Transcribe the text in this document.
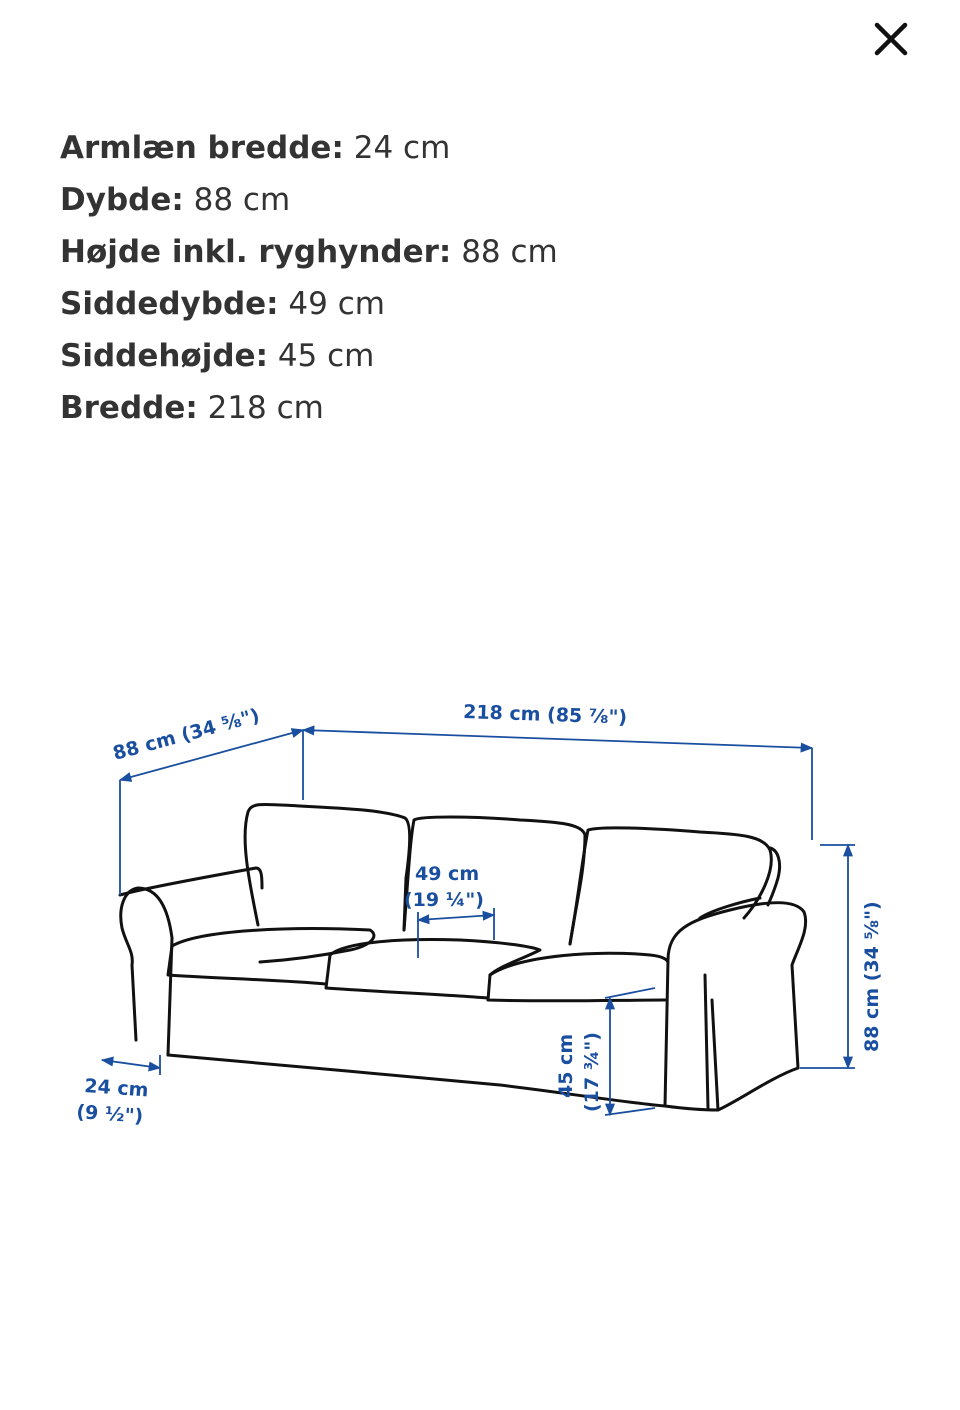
Armlæn bredde: 24 cm
Dybde: 88 cm
Højde inkl. ryghynder: 88 cm
Siddedybde: 49 cm
Siddehøjde: 45 cm
Bredde: 218 cm
88 cm (34 ⅝")	218 cm (85 ⅞")
88 cm (34 ⅝")
49 cm
(19 ¼")
45 cm (17 ¾")
24 cm
(9 ½")
